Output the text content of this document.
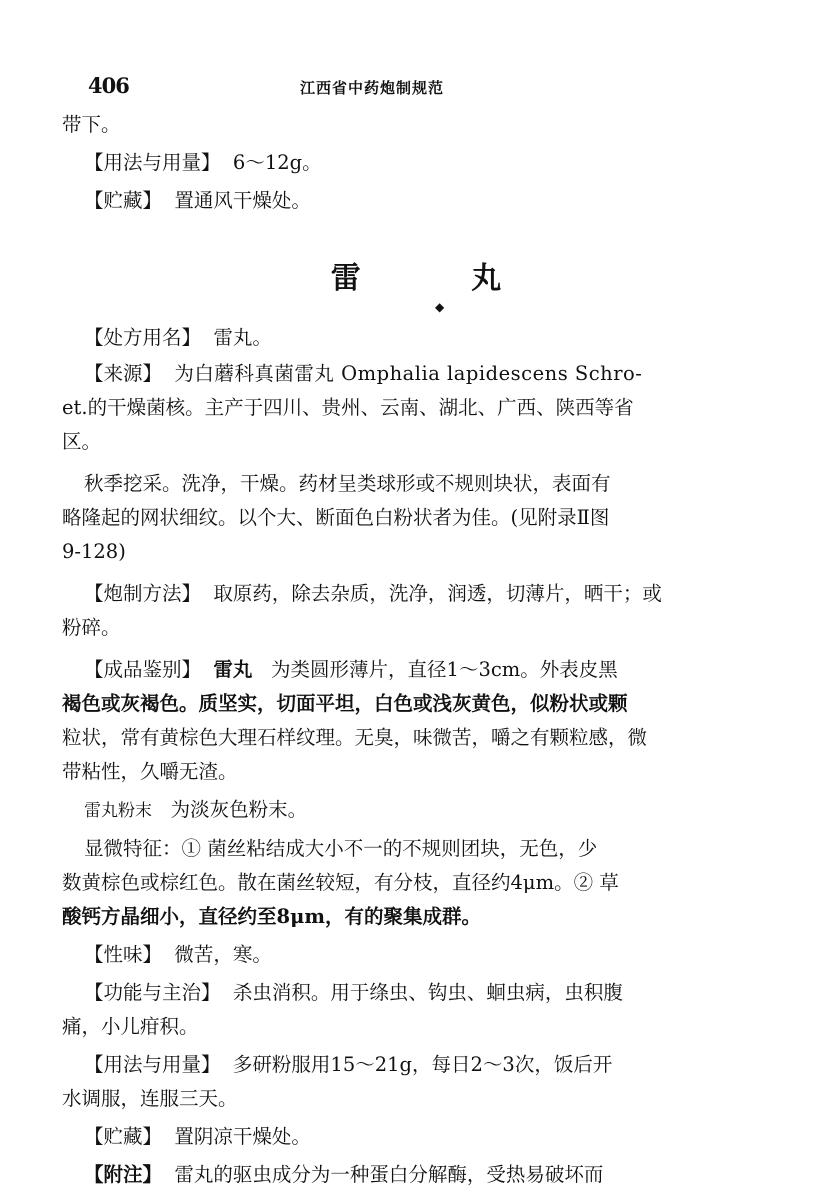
406	江西省中药炮制规范

带下。

【用法与用量】 6～12g。

【贮藏】 置通风干燥处。

雷 丸
◆

【处方用名】 雷丸。

【来源】 为白蘑科真菌雷丸 Omphalia lapidescens Schro-

et.的干燥菌核。主产于四川、贵州、云南、湖北、广西、陕西等省

区。

秋季挖采。洗净，干燥。药材呈类球形或不规则块状，表面有

略隆起的网状细纹。以个大、断面色白粉状者为佳。(见附录Ⅱ图

9-128)

【炮制方法】 取原药，除去杂质，洗净，润透，切薄片，晒干；或

粉碎。

【成品鉴别】 雷丸 为类圆形薄片，直径1～3cm。外表皮黑

褐色或灰褐色。质坚实，切面平坦，白色或浅灰黄色，似粉状或颗

粒状，常有黄棕色大理石样纹理。无臭，味微苦，嚼之有颗粒感，微

带粘性，久嚼无渣。

雷丸粉末 为淡灰色粉末。

显微特征：① 菌丝粘结成大小不一的不规则团块，无色，少

数黄棕色或棕红色。散在菌丝较短，有分枝，直径约4μm。② 草

酸钙方晶细小，直径约至8μm，有的聚集成群。

【性味】 微苦，寒。

【功能与主治】 杀虫消积。用于绦虫、钩虫、蛔虫病，虫积腹

痛，小儿疳积。

【用法与用量】 多研粉服用15～21g，每日2～3次，饭后开

水调服，连服三天。

【贮藏】 置阴凉干燥处。

【附注】 雷丸的驱虫成分为一种蛋白分解酶，受热易破坏而
